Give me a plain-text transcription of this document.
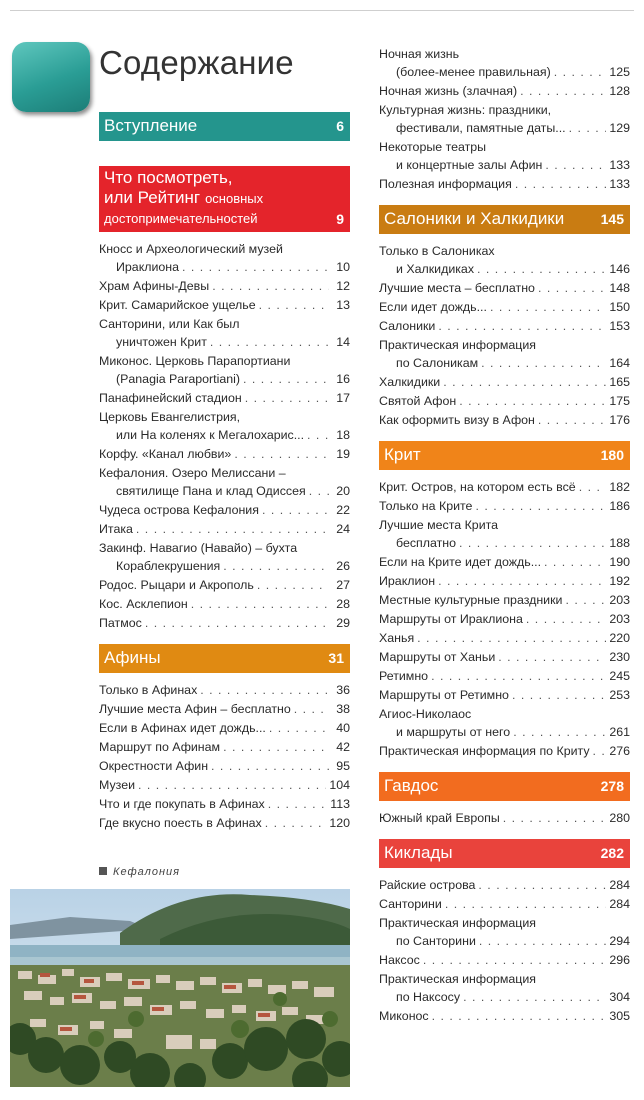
Содержание
Вступление	6
Что посмотреть,
или Рейтинг основных
достопримечательностей	9
Кносс и Археологический музей
Ираклиона . . .	10
Храм Афины-Девы . . .	12
Крит. Самарийское ущелье . . .	13
Санторини, или Как был
уничтожен Крит . . .	14
Миконос. Церковь Парапортиани
(Panagia Paraportiani) . . .	16
Панафинейский стадион . . .	17
Церковь Евангелистрия,
или На коленях к Мегалохарис... . . .	18
Корфу. «Канал любви» . . .	19
Кефалония. Озеро Мелиссани –
святилище Пана и клад Одиссея . . .	20
Чудеса острова Кефалония . . .	22
Итака . . .	24
Закинф. Навагио (Навайо) – бухта
Кораблекрушения . . .	26
Родос. Рыцари и Акрополь . . .	27
Кос. Асклепион . . .	28
Патмос . . .	29
Афины	31
Только в Афинах . . .	36
Лучшие места Афин – бесплатно . . .	38
Если в Афинах идет дождь... . . .	40
Маршрут по Афинам . . .	42
Окрестности Афин . . .	95
Музеи . . .	104
Что и где покупать в Афинах . . .	113
Где вкусно поесть в Афинах . . .	120
Ночная жизнь
(более-менее правильная) . . .	125
Ночная жизнь (злачная) . . .	128
Культурная жизнь: праздники,
фестивали, памятные даты... . . .	129
Некоторые театры
и концертные залы Афин . . .	133
Полезная информация . . .	133
Салоники и Халкидики	145
Только в Салониках
и Халкидиках . . .	146
Лучшие места – бесплатно . . .	148
Если идет дождь... . . .	150
Салоники . . .	153
Практическая информация
по Салоникам . . .	164
Халкидики . . .	165
Святой Афон . . .	175
Как оформить визу в Афон . . .	176
Крит	180
Крит. Остров, на котором есть всё . . .	182
Только на Крите . . .	186
Лучшие места Крита
бесплатно . . .	188
Если на Крите идет дождь... . . .	190
Ираклион . . .	192
Местные культурные праздники . . .	203
Маршруты от Ираклиона . . .	203
Ханья . . .	220
Маршруты от Ханьи . . .	230
Ретимно . . .	245
Маршруты от Ретимно . . .	253
Агиос-Николаос
и маршруты от него . . .	261
Практическая информация по Криту . . . 276
Гавдос	278
Южный край Европы . . .	280
Киклады	282
Райские острова . . .	284
Санторини . . .	284
Практическая информация
по Санторини . . .	294
Наксос . . .	296
Практическая информация
по Наксосу . . .	304
Миконос . . .	305
Кефалония
